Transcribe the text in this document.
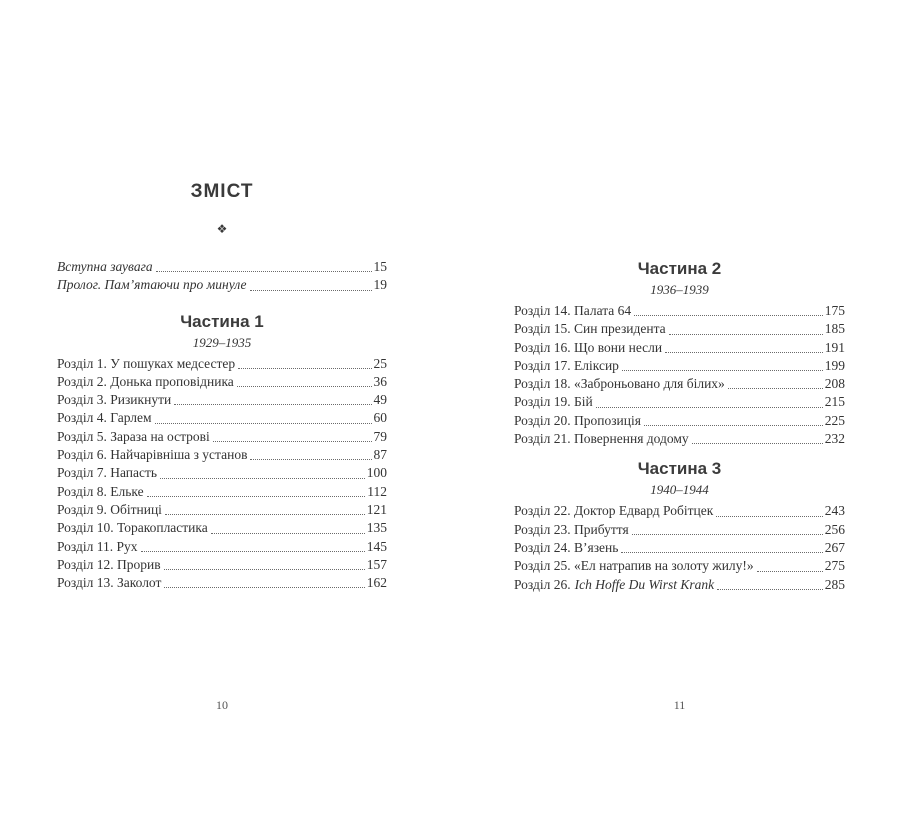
ЗМІСТ
❖
Вступна заувага	15
Пролог. Пам’ятаючи про минуле	19
Частина 1
1929–1935
Розділ 1. У пошуках медсестер	25
Розділ 2. Донька проповідника	36
Розділ 3. Ризикнути	49
Розділ 4. Гарлем	60
Розділ 5. Зараза на острові	79
Розділ 6. Найчарівніша з установ	87
Розділ 7. Напасть	100
Розділ 8. Ельке	112
Розділ 9. Обітниці	121
Розділ 10. Торакопластика	135
Розділ 11. Рух	145
Розділ 12. Прорив	157
Розділ 13. Заколот	162
10
Частина 2
1936–1939
Розділ 14. Палата 64	175
Розділ 15. Син президента	185
Розділ 16. Що вони несли	191
Розділ 17. Еліксир	199
Розділ 18. «Заброньовано для білих»	208
Розділ 19. Бій	215
Розділ 20. Пропозиція	225
Розділ 21. Повернення додому	232
Частина 3
1940–1944
Розділ 22. Доктор Едвард Робітцек	243
Розділ 23. Прибуття	256
Розділ 24. В’язень	267
Розділ 25. «Ел натрапив на золоту жилу!»	275
Розділ 26. Ich Hoffe Du Wirst Krank	285
11
